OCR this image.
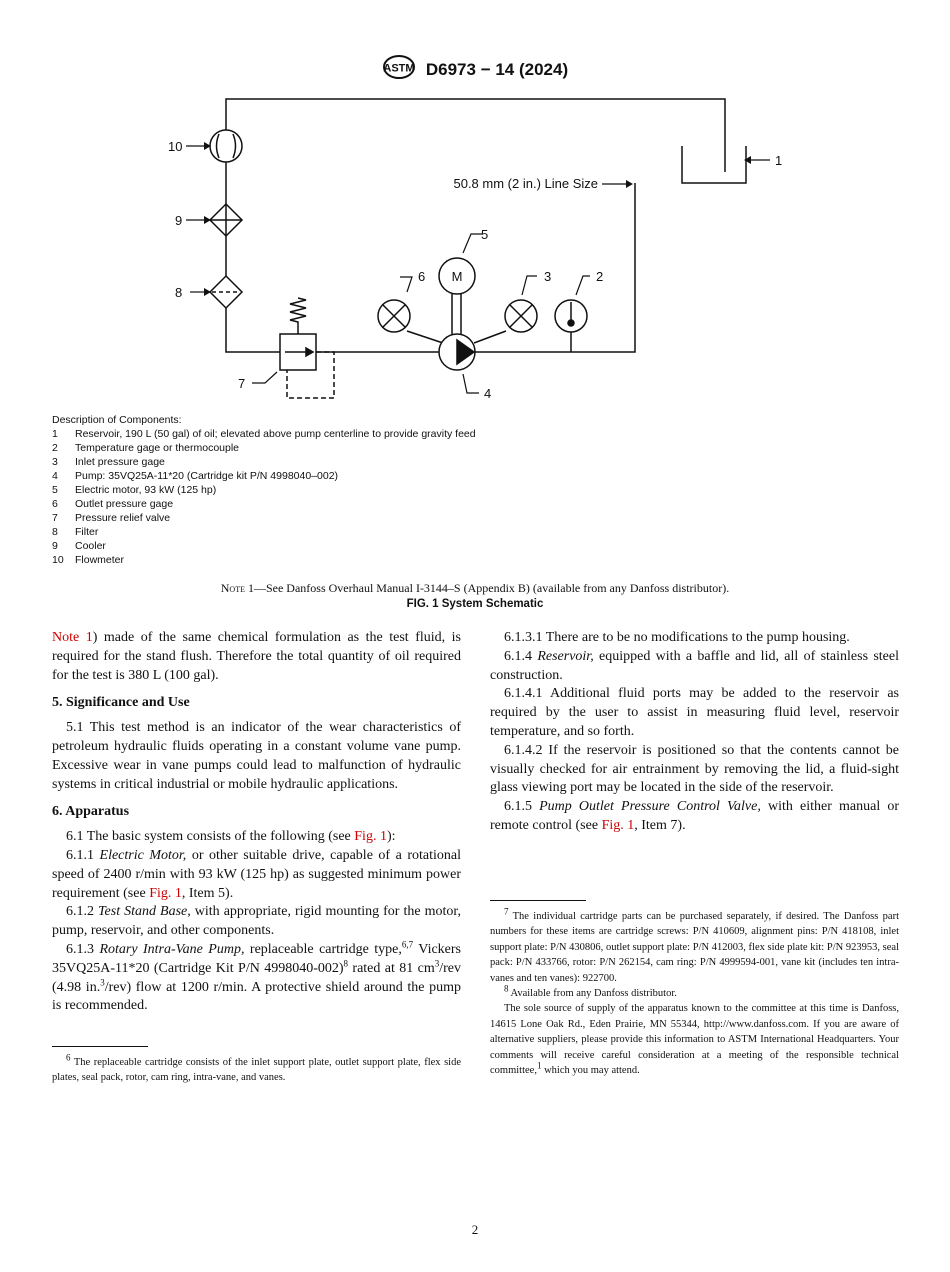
ASTM D6973 − 14 (2024)
M
10
9
8
7
6
5
4
3	2
1
50.8 mm (2 in.) Line Size
Description of Components:
1	Reservoir, 190 L (50 gal) of oil; elevated above pump centerline to provide gravity feed
2	Temperature gage or thermocouple
3	Inlet pressure gage
4	Pump: 35VQ25A-11*20 (Cartridge kit P/N 4998040–002)
5	Electric motor, 93 kW (125 hp)
6	Outlet pressure gage
7	Pressure relief valve
8	Filter
9	Cooler
10	Flowmeter
Note 1—See Danfoss Overhaul Manual I-3144–S (Appendix B) (available from any Danfoss distributor).
FIG. 1 System Schematic

Note 1) made of the same chemical formulation as the test fluid, is required for the stand flush. Therefore the total quantity of oil required for the test is 380 L (100 gal).

5. Significance and Use

5.1 This test method is an indicator of the wear characteristics of petroleum hydraulic fluids operating in a constant volume vane pump. Excessive wear in vane pumps could lead to malfunction of hydraulic systems in critical industrial or mobile hydraulic applications.

6. Apparatus

6.1 The basic system consists of the following (see Fig. 1):

6.1.1 Electric Motor, or other suitable drive, capable of a rotational speed of 2400 r/min with 93 kW (125 hp) as suggested minimum power requirement (see Fig. 1, Item 5).

6.1.2 Test Stand Base, with appropriate, rigid mounting for the motor, pump, reservoir, and other components.

6.1.3 Rotary Intra-Vane Pump, replaceable cartridge type,$^{6,7}$ Vickers 35VQ25A-11*20 (Cartridge Kit P/N 4998040-002)$^8$ rated at 81 $cm^3$/rev (4.98 in.$^3$/rev) flow at 1200 r/min. A protective shield around the pump is recommended.

$^6$ The replaceable cartridge consists of the inlet support plate, outlet support plate, flex side plates, seal pack, rotor, cam ring, intra-vane, and vanes.

6.1.3.1 There are to be no modifications to the pump housing.

6.1.4 Reservoir, equipped with a baffle and lid, all of stainless steel construction.

6.1.4.1 Additional fluid ports may be added to the reservoir as required by the user to assist in measuring fluid level, reservoir temperature, and so forth.

6.1.4.2 If the reservoir is positioned so that the contents cannot be visually checked for air entrainment by removing the lid, a fluid-sight glass viewing port may be located in the side of the reservoir.

6.1.5 Pump Outlet Pressure Control Valve, with either manual or remote control (see Fig. 1, Item 7).

$^7$ The individual cartridge parts can be purchased separately, if desired. The Danfoss part numbers for these items are cartridge screws: P/N 410609, alignment pins: P/N 418108, inlet support plate: P/N 430806, outlet support plate: P/N 412003, flex side plate kit: P/N 923953, seal pack: P/N 433766, rotor: P/N 262154, cam ring: P/N 4999594-001, vane kit (includes ten intra-vanes and ten vanes): 922700.

$^8$ Available from any Danfoss distributor.

The sole source of supply of the apparatus known to the committee at this time is Danfoss, 14615 Lone Oak Rd., Eden Prairie, MN 55344, http://www.danfoss.com. If you are aware of alternative suppliers, please provide this information to ASTM International Headquarters. Your comments will receive careful consideration at a meeting of the responsible technical committee,$^1$ which you may attend.

2
